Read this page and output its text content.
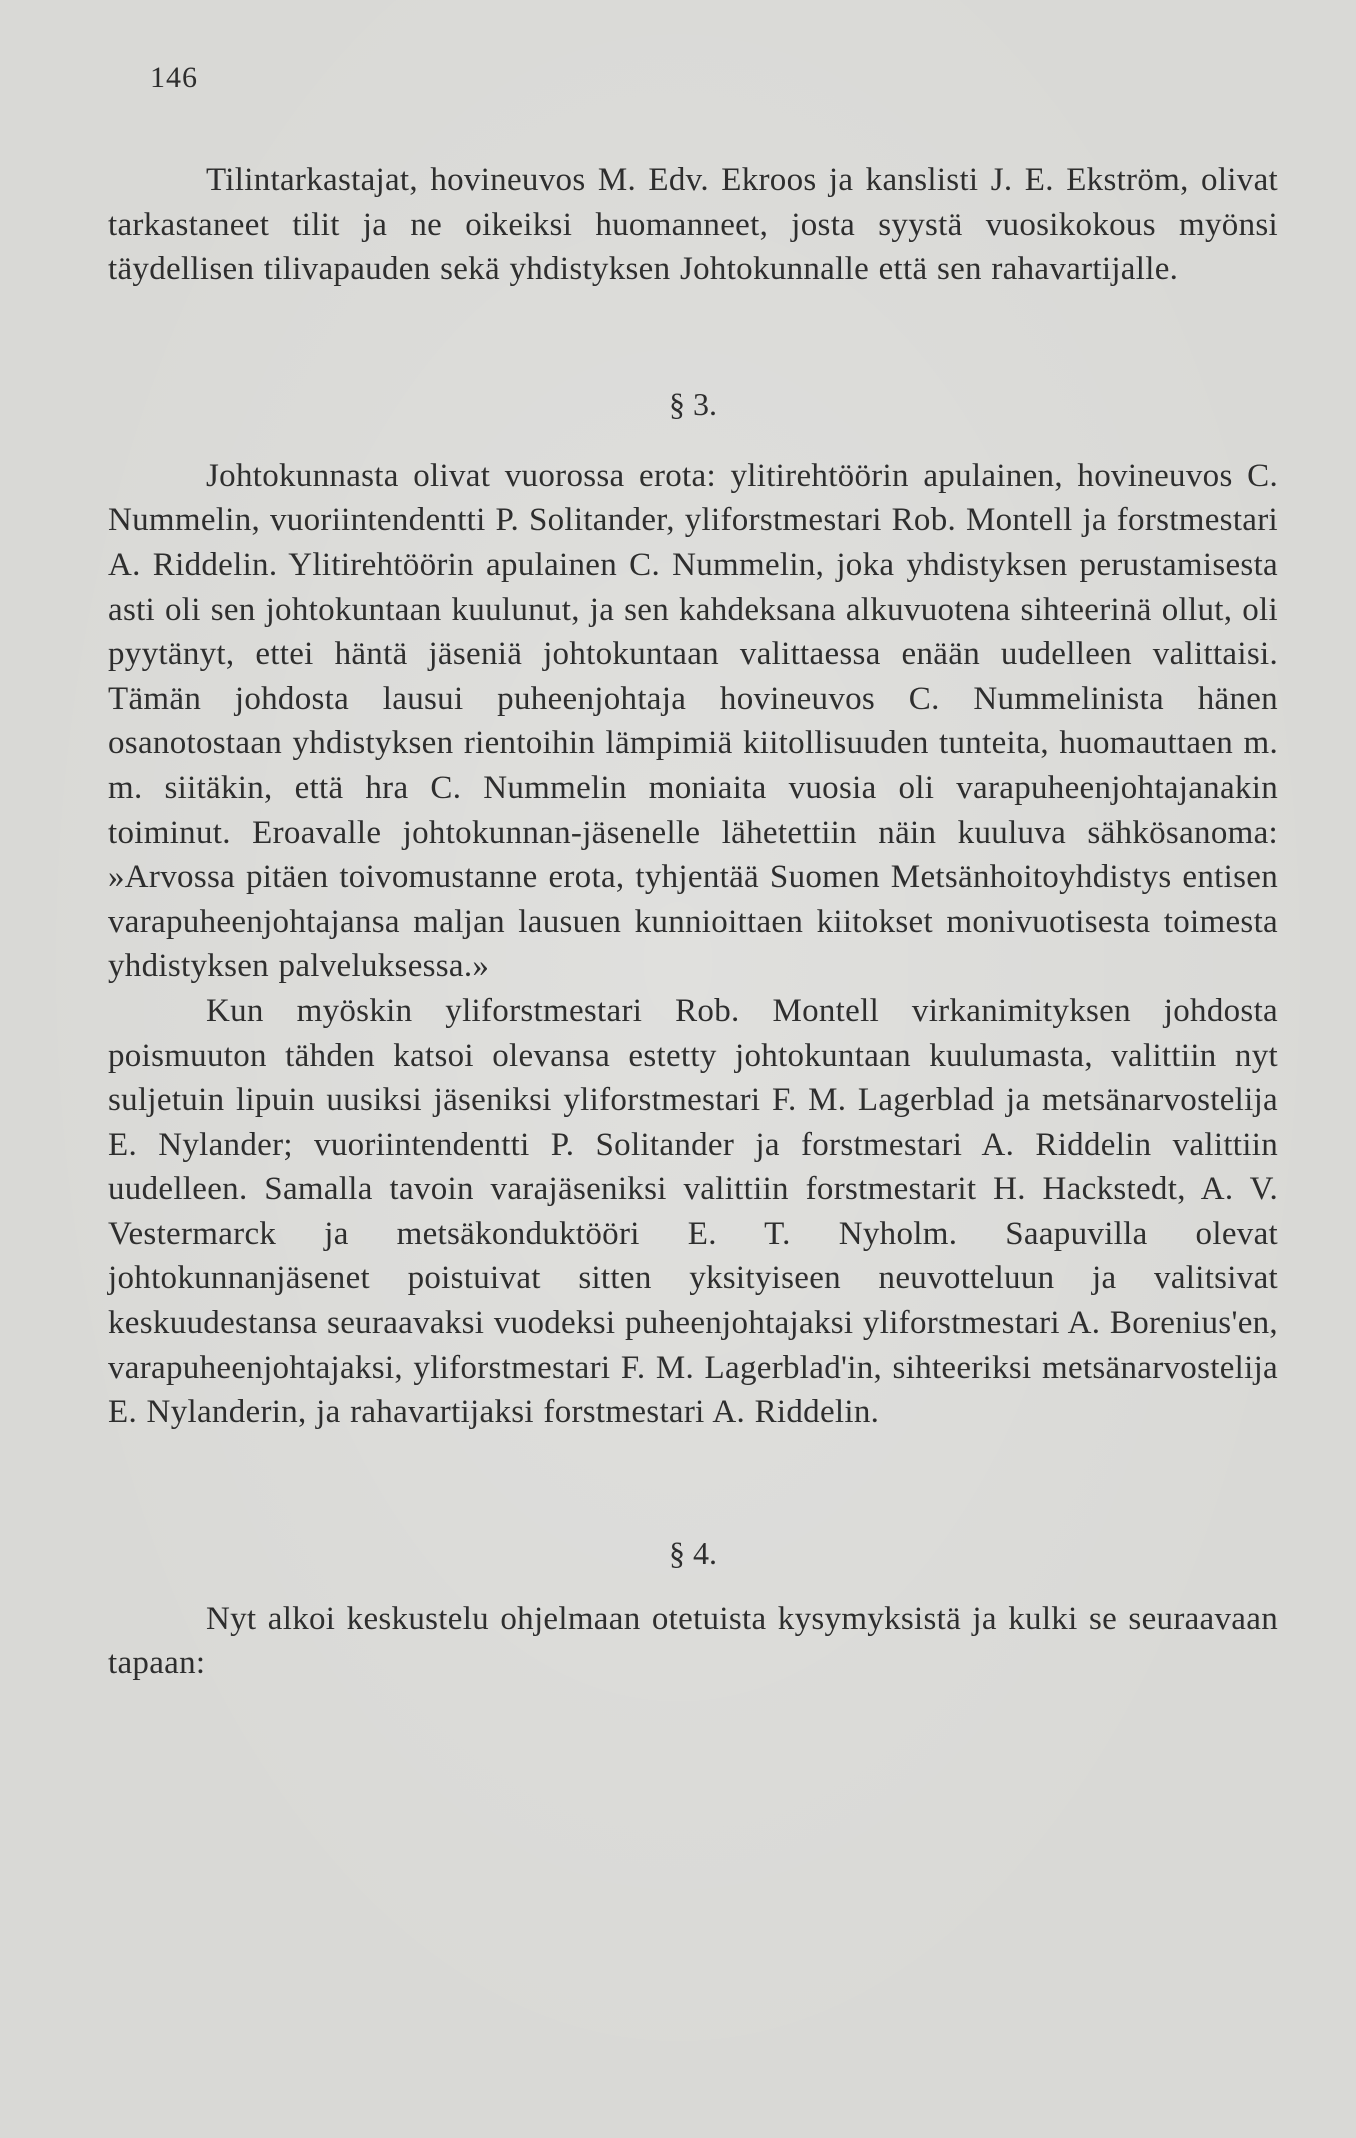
146

Tilintarkastajat, hovineuvos M. Edv. Ekroos ja kanslisti J. E. Ekström, olivat tarkastaneet tilit ja ne oikeiksi huomanneet, josta syystä vuosikokous myönsi täydellisen tilivapauden sekä yhdistyksen Johtokunnalle että sen rahavartijalle.

§ 3.

Johtokunnasta olivat vuorossa erota: ylitirehtöörin apulainen, hovineuvos C. Nummelin, vuoriintendentti P. Solitander, yliforstmestari Rob. Montell ja forstmestari A. Riddelin. Ylitirehtöörin apulainen C. Nummelin, joka yhdistyksen perustamisesta asti oli sen johtokuntaan kuulunut, ja sen kahdeksana alkuvuotena sihteerinä ollut, oli pyytänyt, ettei häntä jäseniä johtokuntaan valittaessa enään uudelleen valittaisi. Tämän johdosta lausui puheenjohtaja hovineuvos C. Nummelinista hänen osanotostaan yhdistyksen rientoihin lämpimiä kiitollisuuden tunteita, huomauttaen m. m. siitäkin, että hra C. Nummelin moniaita vuosia oli varapuheenjohtajanakin toiminut. Eroavalle johtokunnan-jäsenelle lähetettiin näin kuuluva sähkösanoma: »Arvossa pitäen toivomustanne erota, tyhjentää Suomen Metsänhoitoyhdistys entisen varapuheenjohtajansa maljan lausuen kunnioittaen kiitokset monivuotisesta toimesta yhdistyksen palveluksessa.»

Kun myöskin yliforstmestari Rob. Montell virkanimityksen johdosta poismuuton tähden katsoi olevansa estetty johtokuntaan kuulumasta, valittiin nyt suljetuin lipuin uusiksi jäseniksi yliforstmestari F. M. Lagerblad ja metsänarvostelija E. Nylander; vuoriintendentti P. Solitander ja forstmestari A. Riddelin valittiin uudelleen. Samalla tavoin varajäseniksi valittiin forstmestarit H. Hackstedt, A. V. Vestermarck ja metsäkonduktööri E. T. Nyholm. Saapuvilla olevat johtokunnanjäsenet poistuivat sitten yksityiseen neuvotteluun ja valitsivat keskuudestansa seuraavaksi vuodeksi puheenjohtajaksi yliforstmestari A. Borenius'en, varapuheenjohtajaksi, yliforstmestari F. M. Lagerblad'in, sihteeriksi metsänarvostelija E. Nylanderin, ja rahavartijaksi forstmestari A. Riddelin.

§ 4.

Nyt alkoi keskustelu ohjelmaan otetuista kysymyksistä ja kulki se seuraavaan tapaan:
